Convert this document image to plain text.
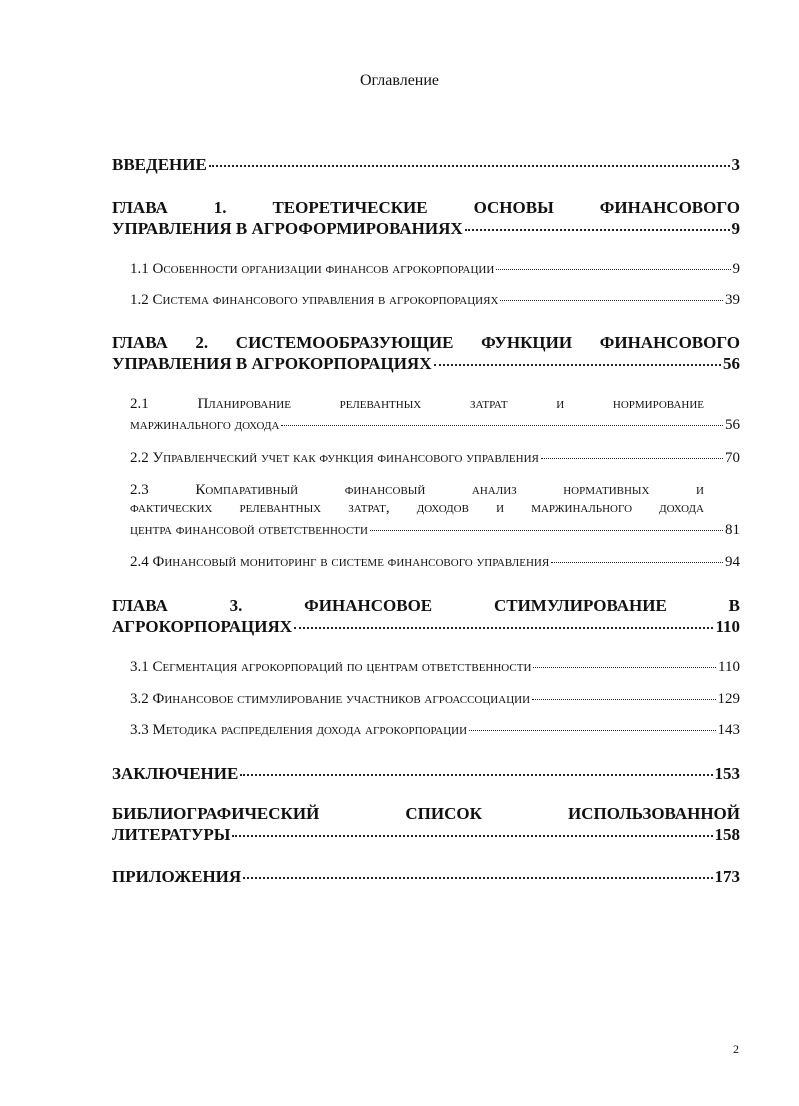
Оглавление
ВВЕДЕНИЕ	3
ГЛАВА 1. ТЕОРЕТИЧЕСКИЕ ОСНОВЫ ФИНАНСОВОГО
УПРАВЛЕНИЯ В АГРОФОРМИРОВАНИЯХ	9
1.1 Особенности организации финансов агрокорпорации	9
1.2 Система финансового управления в агрокорпорациях	39
ГЛАВА 2. СИСТЕМООБРАЗУЮЩИЕ ФУНКЦИИ ФИНАНСОВОГО
УПРАВЛЕНИЯ В АГРОКОРПОРАЦИЯХ	56
2.1 Планирование релевантных затрат и нормирование
маржинального дохода	56
2.2 Управленческий учет как функция финансового управления	70
2.3 Компаративный финансовый анализ нормативных и
фактических релевантных затрат, доходов и маржинального дохода
центра финансовой ответственности	81
2.4 Финансовый мониторинг в системе финансового управления	94
ГЛАВА 3. ФИНАНСОВОЕ СТИМУЛИРОВАНИЕ В
АГРОКОРПОРАЦИЯХ	110
3.1 Сегментация агрокорпораций по центрам ответственности	110
3.2 Финансовое стимулирование участников агроассоциации	129
3.3 Методика распределения дохода агрокорпорации	143
ЗАКЛЮЧЕНИЕ	153
БИБЛИОГРАФИЧЕСКИЙ СПИСОК ИСПОЛЬЗОВАННОЙ
ЛИТЕРАТУРЫ	158
ПРИЛОЖЕНИЯ	173
2
